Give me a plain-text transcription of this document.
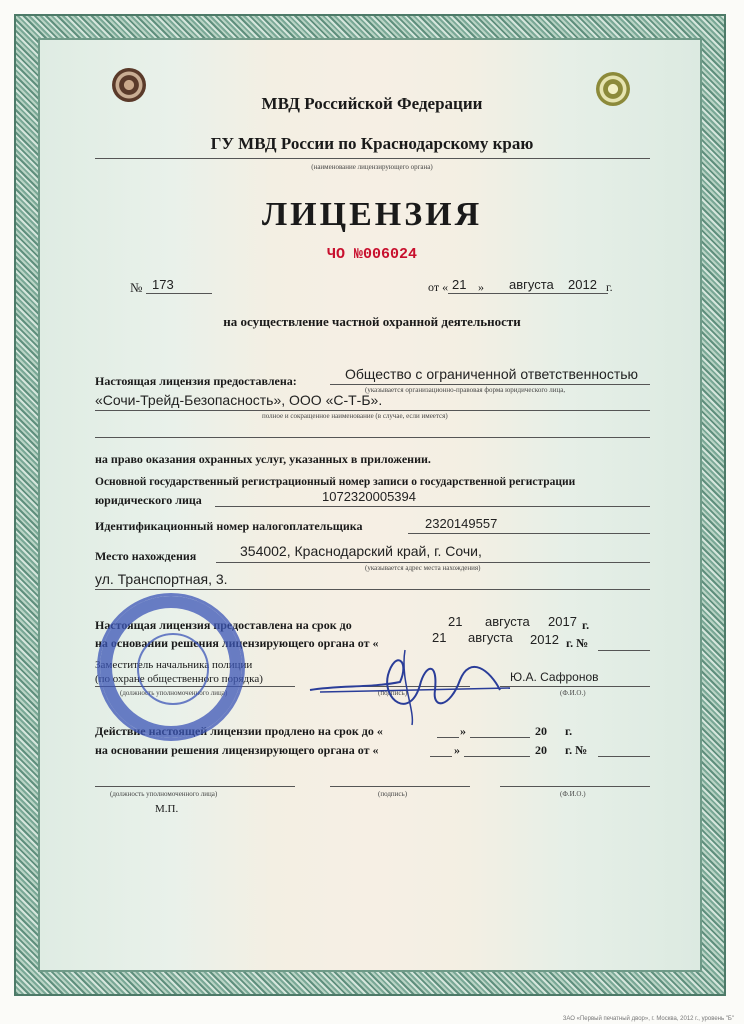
МВД Российской Федерации
ГУ МВД России по Краснодарскому краю
(наименование лицензирующего органа)
ЛИЦЕНЗИЯ
ЧО №006024
№ 173	от « 21 » августа 2012 г.
на осуществление частной охранной деятельности
Настоящая лицензия предоставлена:	Общество с ограниченной ответственностью
(указывается организационно-правовая форма юридического лица,
«Сочи-Трейд-Безопасность», ООО «С-Т-Б».
полное и сокращенное наименование (в случае, если имеется)
на право оказания охранных услуг, указанных в приложении.
Основной государственный регистрационный номер записи о государственной регистрации
юридического лица	1072320005394
Идентификационный номер налогоплательщика	2320149557
Место нахождения	354002, Краснодарский край, г. Сочи,
(указывается адрес места нахождения)
ул. Транспортная, 3.
Настоящая лицензия предоставлена на срок до	21 августа 2017 г.
на основании решения лицензирующего органа от «	21 августа 2012 г. №
Заместитель начальника полиции
(по охране общественного порядка)
(должность уполномоченного лица)	(подпись)
Ю.А. Сафронов
(Ф.И.О.)
Действие настоящей лицензии продлено на срок до «	»	20 г.
на основании решения лицензирующего органа от «	»	20 г. №
(должность уполномоченного лица)	(подпись)	(Ф.И.О.)
М.П.
ЗАО «Первый печатный двор», г. Москва, 2012 г., уровень "Б"
